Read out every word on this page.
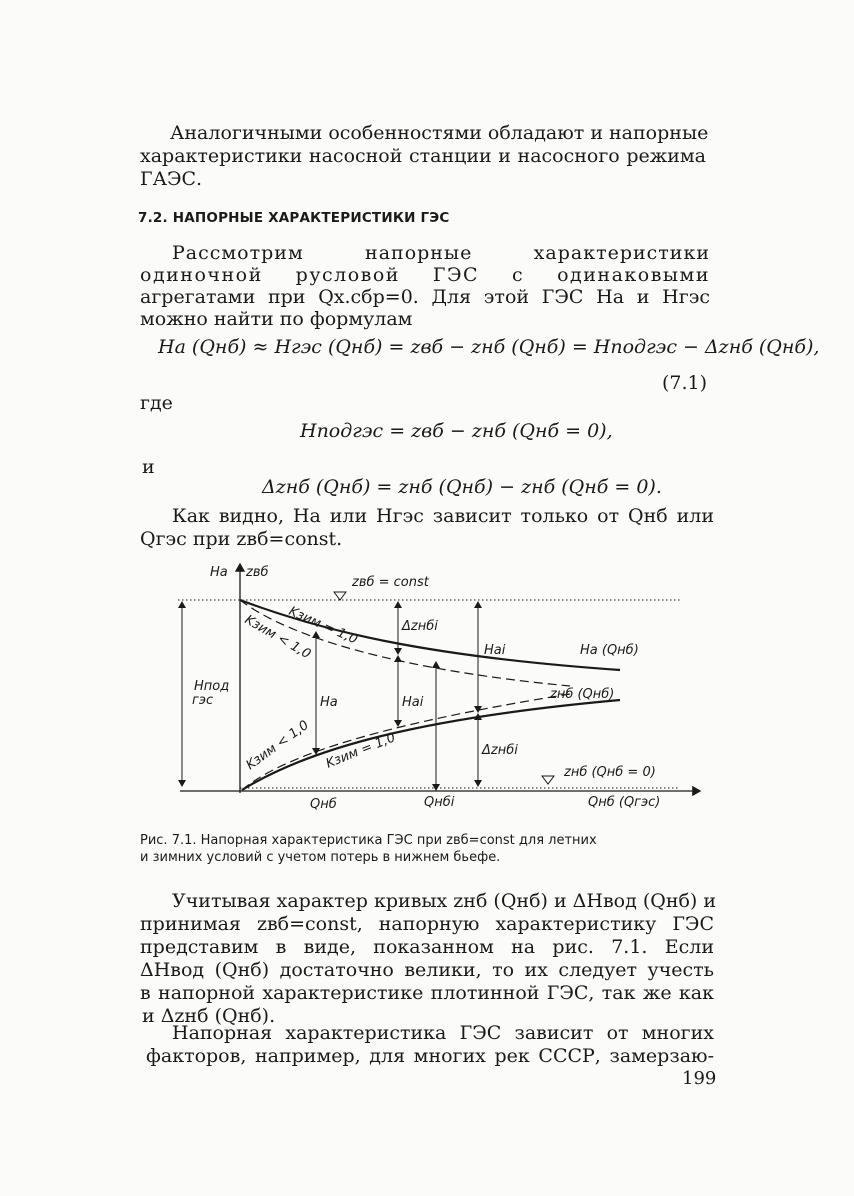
Аналогичными особенностями обладают и напорные
характеристики насосной станции и насосного режима
ГАЭС.
7.2. НАПОРНЫЕ ХАРАКТЕРИСТИКИ ГЭС
Рассмотрим напорные характеристики
одиночной русловой ГЭС с одинаковыми
агрегатами при Qх.сбр=0. Для этой ГЭС Hа и Hгэс
можно найти по формулам
Hа (Qнб) ≈ Hгэс (Qнб) = zвб − zнб (Qнб) = Hподгэс − Δzнб (Qнб),
(7.1)
где
Hподгэс = zвб − zнб (Qнб = 0),
и
Δzнб (Qнб) = zнб (Qнб) − zнб (Qнб = 0).
Как видно, Hа или Hгэс зависит только от Qнб или
Qгэс при zвб=const.
Hа zвб
zвб = const
Hпод
гэс
Kзим = 1,0
Kзим < 1,0	Δzнбi
Hаi	Hа (Qнб)
Hа	Hаi
zнб (Qнб)
Kзим < 1,0 Kзим = 1,0	Δzнбi
zнб (Qнб = 0)
Qнб	Qнбi	Qнб (Qгэс)
Рис. 7.1. Напорная характеристика ГЭС при zвб=const для летних
и зимних условий с учетом потерь в нижнем бьефе.
Учитывая характер кривых zнб (Qнб) и ΔHвод (Qнб) и
принимая zвб=const, напорную характеристику ГЭС
представим в виде, показанном на рис. 7.1. Если
ΔHвод (Qнб) достаточно велики, то их следует учесть
в напорной характеристике плотинной ГЭС, так же как
и Δzнб (Qнб).
Напорная характеристика ГЭС зависит от многих
факторов, например, для многих рек СССР, замерзаю-
199
